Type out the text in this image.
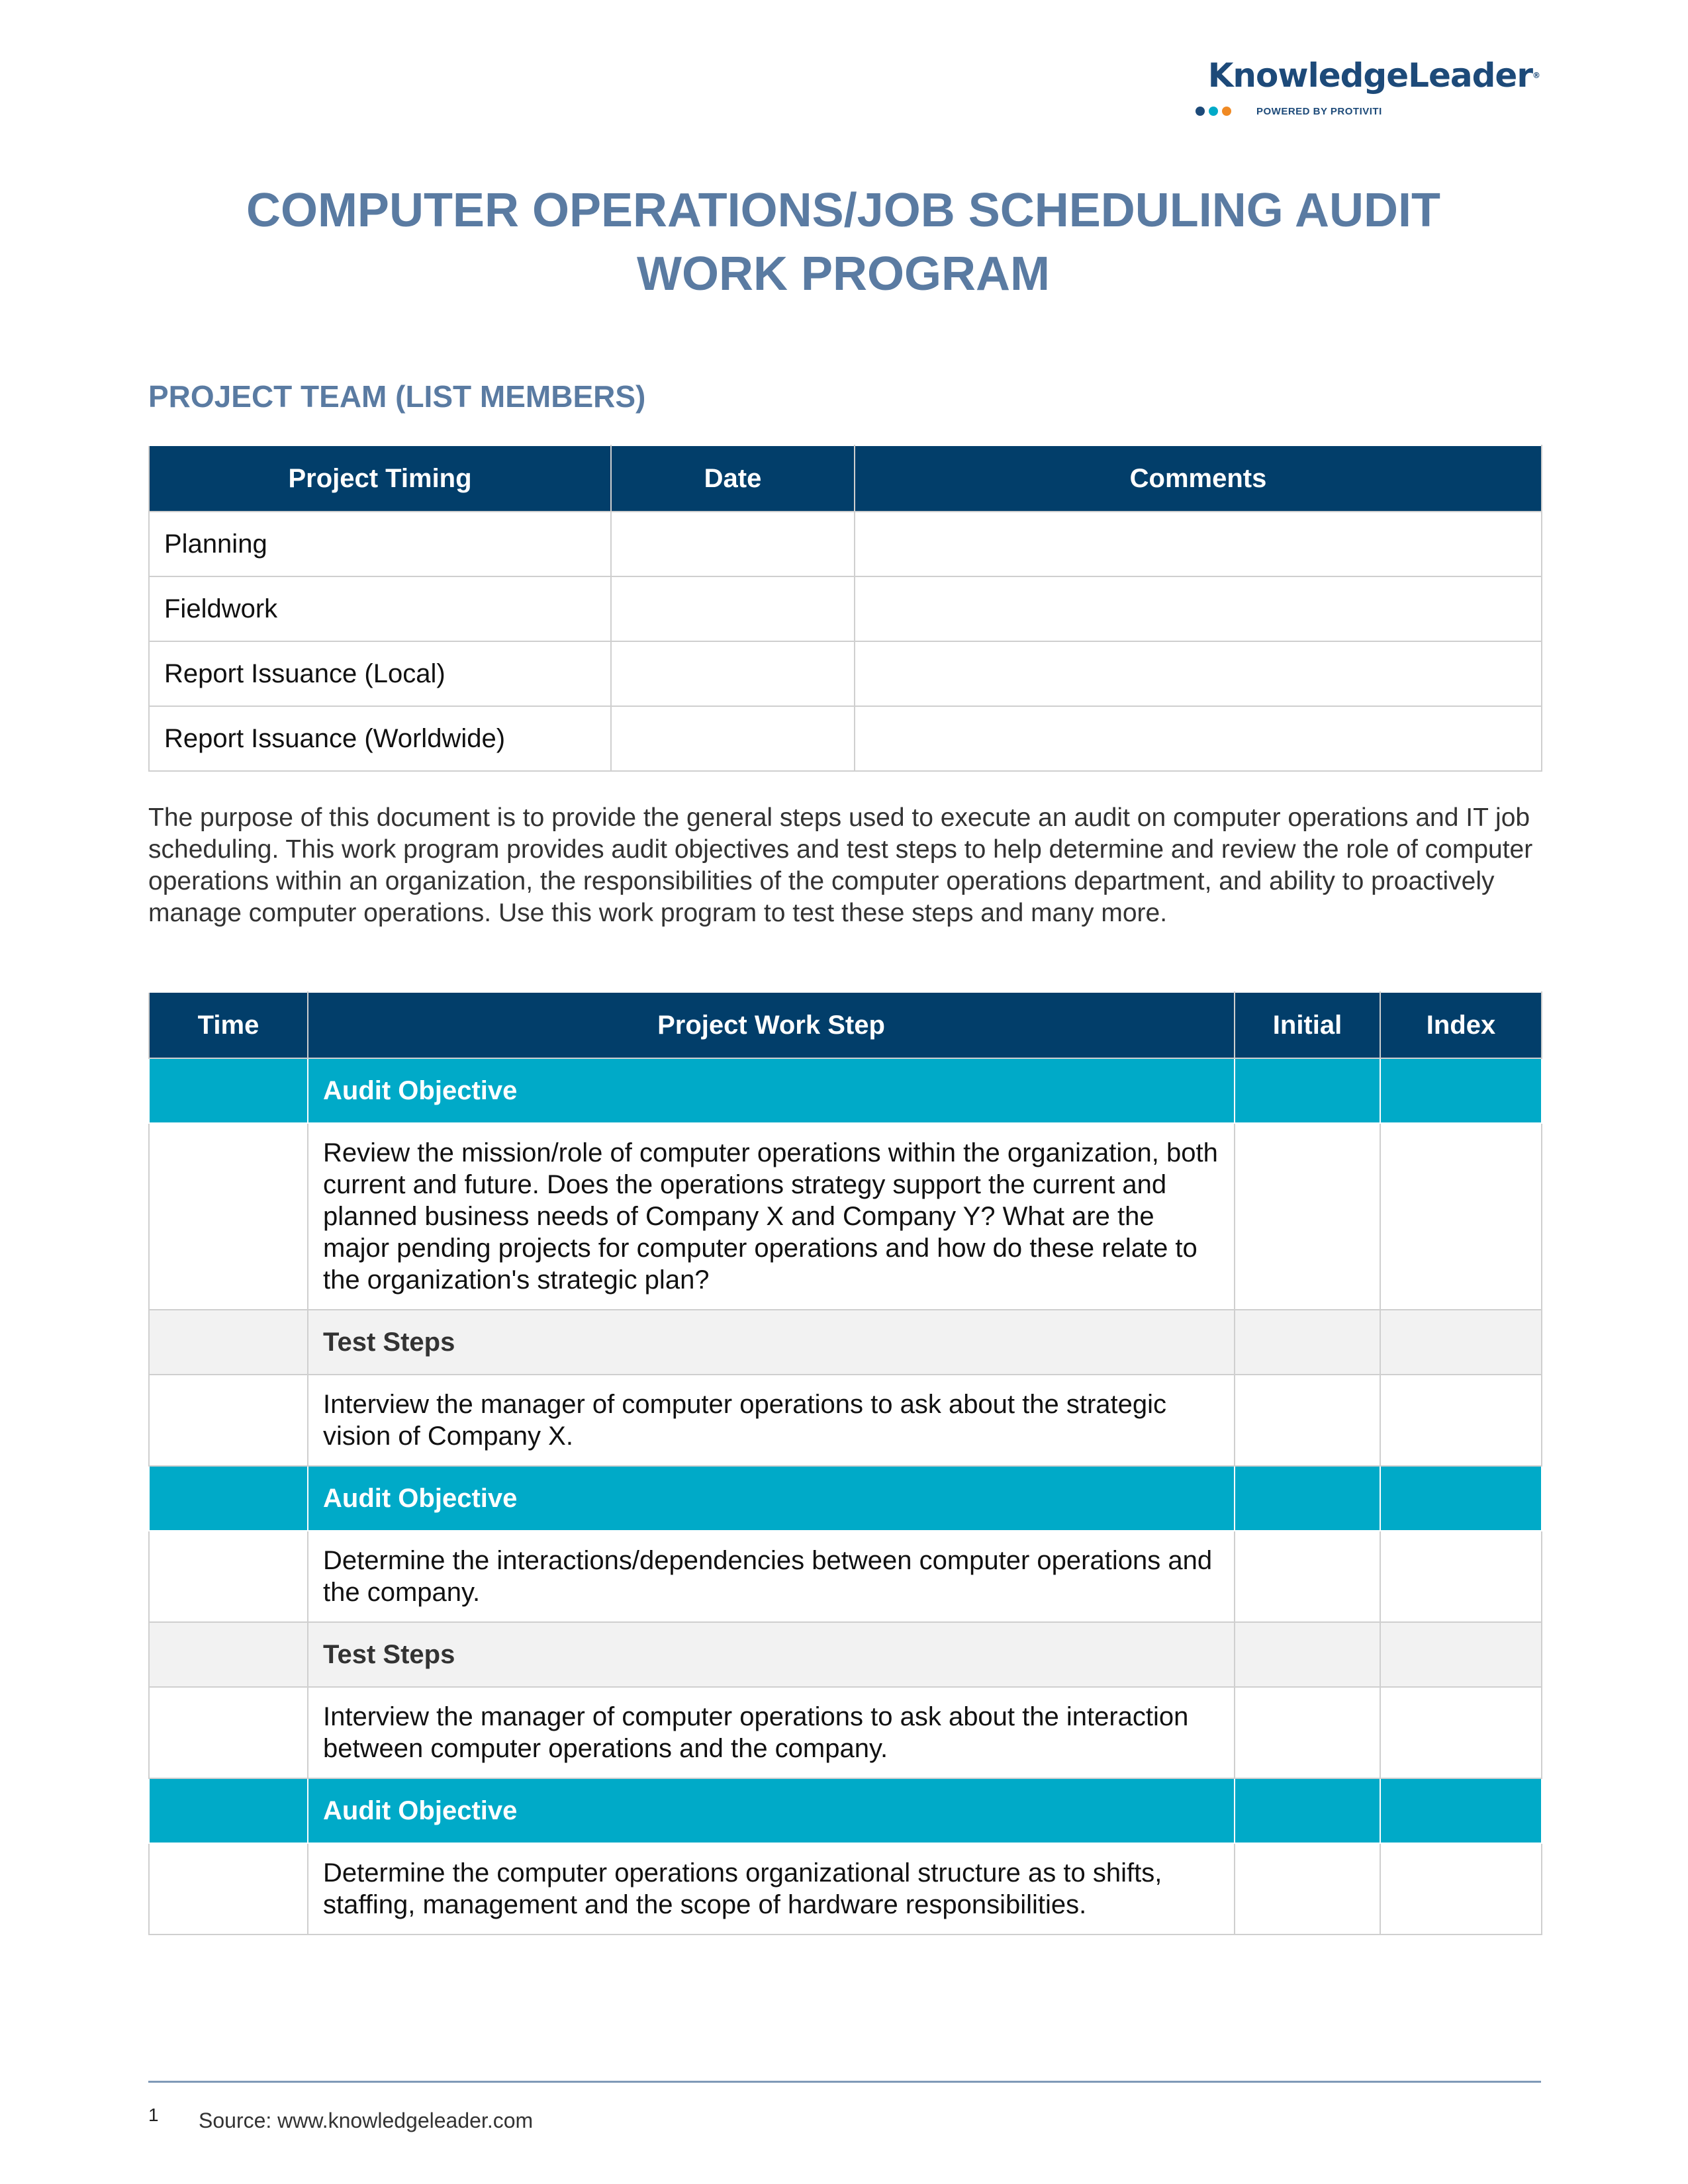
KnowledgeLeader®
POWERED BY PROTIVITI
COMPUTER OPERATIONS/JOB SCHEDULING AUDIT
WORK PROGRAM
PROJECT TEAM (LIST MEMBERS)
Project Timing	Date	Comments
Planning		
Fieldwork		
Report Issuance (Local)		
Report Issuance (Worldwide)		
The purpose of this document is to provide the general steps used to execute an audit on computer operations and IT job scheduling. This work program provides audit objectives and test steps to help determine and review the role of computer operations within an organization, the responsibilities of the computer operations department, and ability to proactively manage computer operations. Use this work program to test these steps and many more.
Time	Project Work Step	Initial	Index
	Audit Objective		
	Review the mission/role of computer operations within the organization, both current and future. Does the operations strategy support the current and planned business needs of Company X and Company Y? What are the major pending projects for computer operations and how do these relate to the organization's strategic plan?		
	Test Steps		
	Interview the manager of computer operations to ask about the strategic vision of Company X.		
	Audit Objective		
	Determine the interactions/dependencies between computer operations and the company.		
	Test Steps		
	Interview the manager of computer operations to ask about the interaction between computer operations and the company.		
	Audit Objective		
	Determine the computer operations organizational structure as to shifts, staffing, management and the scope of hardware responsibilities.		
1 Source: www.knowledgeleader.com
